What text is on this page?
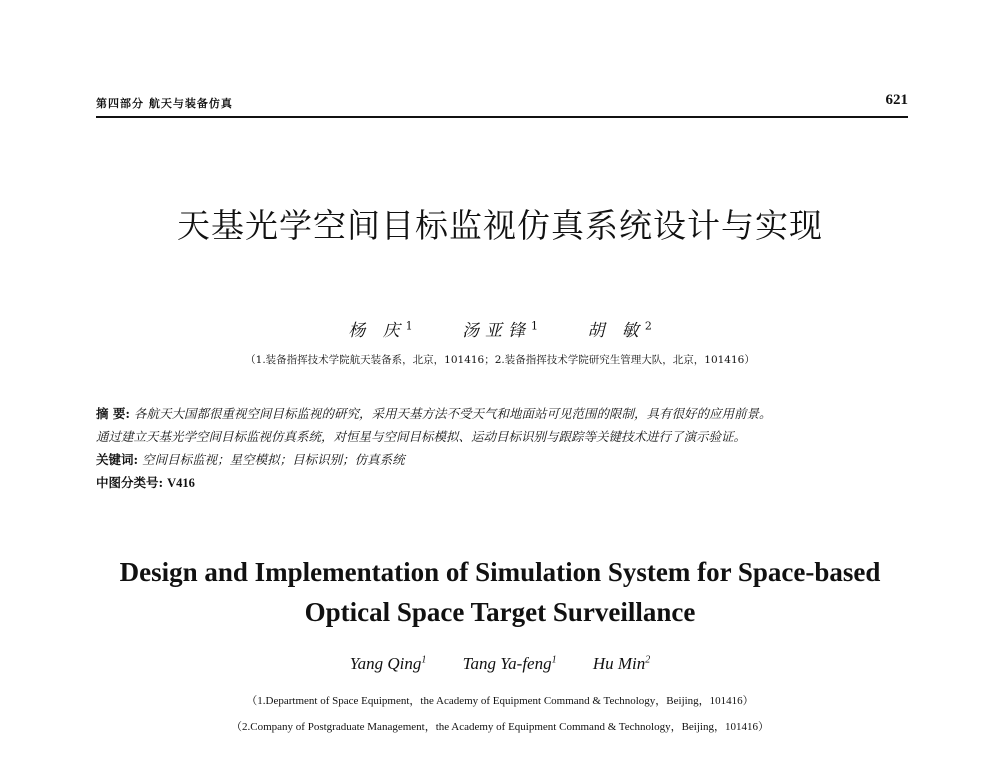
第四部分 航天与装备仿真	621
天基光学空间目标监视仿真系统设计与实现
杨 庆$^1$	汤亚锋$^1$	胡 敏$^2$
（1.装备指挥技术学院航天装备系，北京，101416；2.装备指挥技术学院研究生管理大队，北京，101416）
摘 要: 各航天大国都很重视空间目标监视的研究，采用天基方法不受天气和地面站可见范围的限制，具有很好的应用前景。
通过建立天基光学空间目标监视仿真系统，对恒星与空间目标模拟、运动目标识别与跟踪等关键技术进行了演示验证。
关键词: 空间目标监视；星空模拟；目标识别；仿真系统
中图分类号: V416
Design and Implementation of Simulation System for Space-based
Optical Space Target Surveillance
Yang Qing$^1$ Tang Ya-feng$^1$ Hu Min$^2$
（1.Department of Space Equipment，the Academy of Equipment Command & Technology，Beijing，101416）
（2.Company of Postgraduate Management，the Academy of Equipment Command & Technology，Beijing，101416）
